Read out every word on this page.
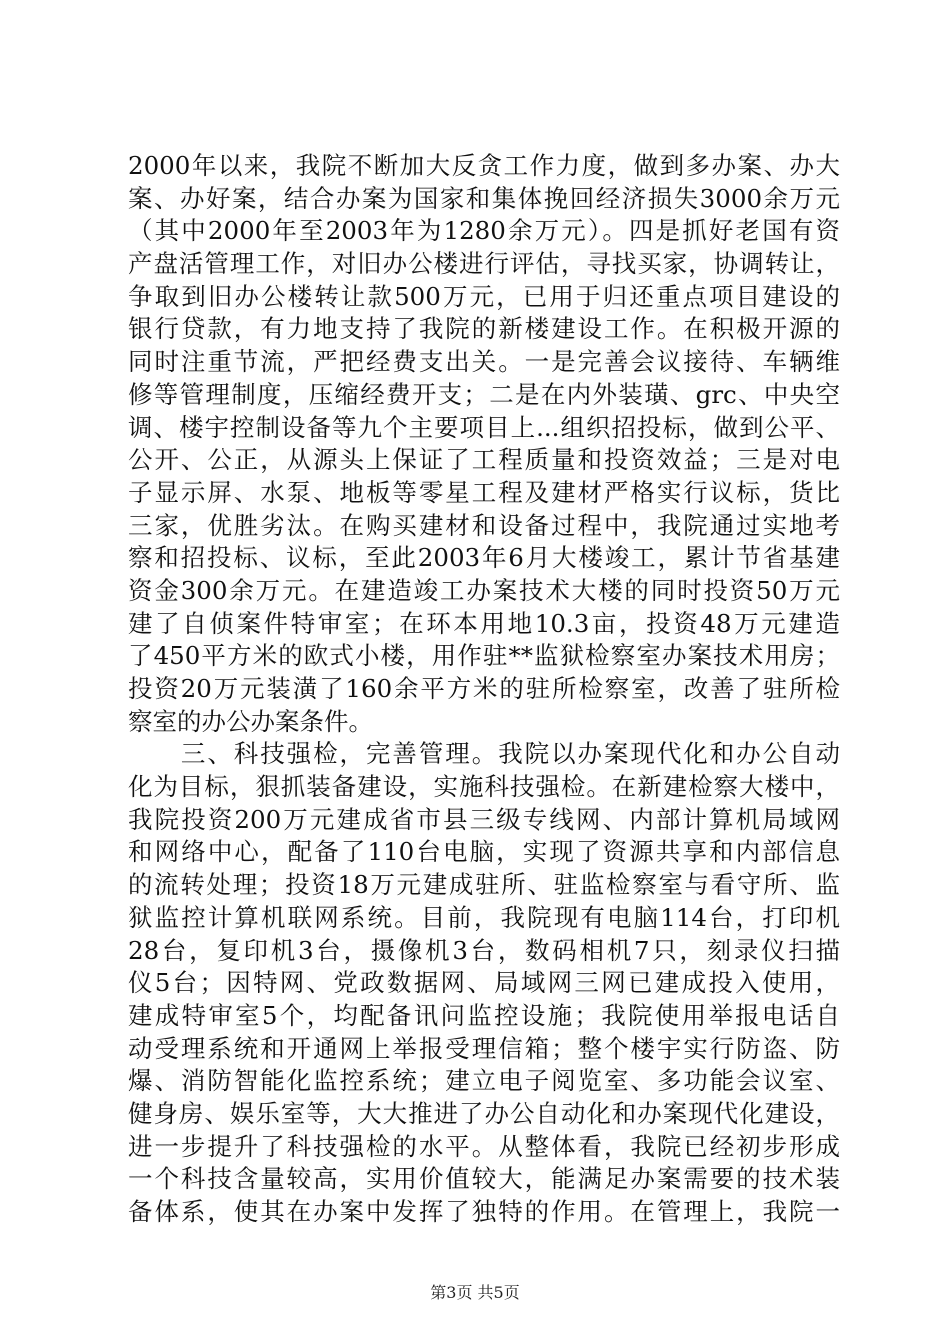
2000年以来，我院不断加大反贪工作力度，做到多办案、办大
案、办好案，结合办案为国家和集体挽回经济损失3000余万元
（其中2000年至2003年为1280余万元）。四是抓好老国有资
产盘活管理工作，对旧办公楼进行评估，寻找买家，协调转让，
争取到旧办公楼转让款500万元，已用于归还重点项目建设的
银行贷款，有力地支持了我院的新楼建设工作。在积极开源的
同时注重节流，严把经费支出关。一是完善会议接待、车辆维
修等管理制度，压缩经费开支；二是在内外装璜、grc、中央空
调、楼宇控制设备等九个主要项目上...组织招投标，做到公平、
公开、公正，从源头上保证了工程质量和投资效益；三是对电
子显示屏、水泵、地板等零星工程及建材严格实行议标，货比
三家，优胜劣汰。在购买建材和设备过程中，我院通过实地考
察和招投标、议标，至此2003年6月大楼竣工，累计节省基建
资金300余万元。在建造竣工办案技术大楼的同时投资50万元
建了自侦案件特审室；在环本用地10.3亩，投资48万元建造
了450平方米的欧式小楼，用作驻**监狱检察室办案技术用房；
投资20万元装潢了160余平方米的驻所检察室，改善了驻所检
察室的办公办案条件。
　　三、科技强检，完善管理。我院以办案现代化和办公自动
化为目标，狠抓装备建设，实施科技强检。在新建检察大楼中，
我院投资200万元建成省市县三级专线网、内部计算机局域网
和网络中心，配备了110台电脑，实现了资源共享和内部信息
的流转处理；投资18万元建成驻所、驻监检察室与看守所、监
狱监控计算机联网系统。目前，我院现有电脑114台，打印机
28台，复印机3台，摄像机3台，数码相机7只，刻录仪扫描
仪5台；因特网、党政数据网、局域网三网已建成投入使用，
建成特审室5个，均配备讯问监控设施；我院使用举报电话自
动受理系统和开通网上举报受理信箱；整个楼宇实行防盗、防
爆、消防智能化监控系统；建立电子阅览室、多功能会议室、
健身房、娱乐室等，大大推进了办公自动化和办案现代化建设，
进一步提升了科技强检的水平。从整体看，我院已经初步形成
一个科技含量较高，实用价值较大，能满足办案需要的技术装
备体系，使其在办案中发挥了独特的作用。在管理上，我院一
第3页 共5页
